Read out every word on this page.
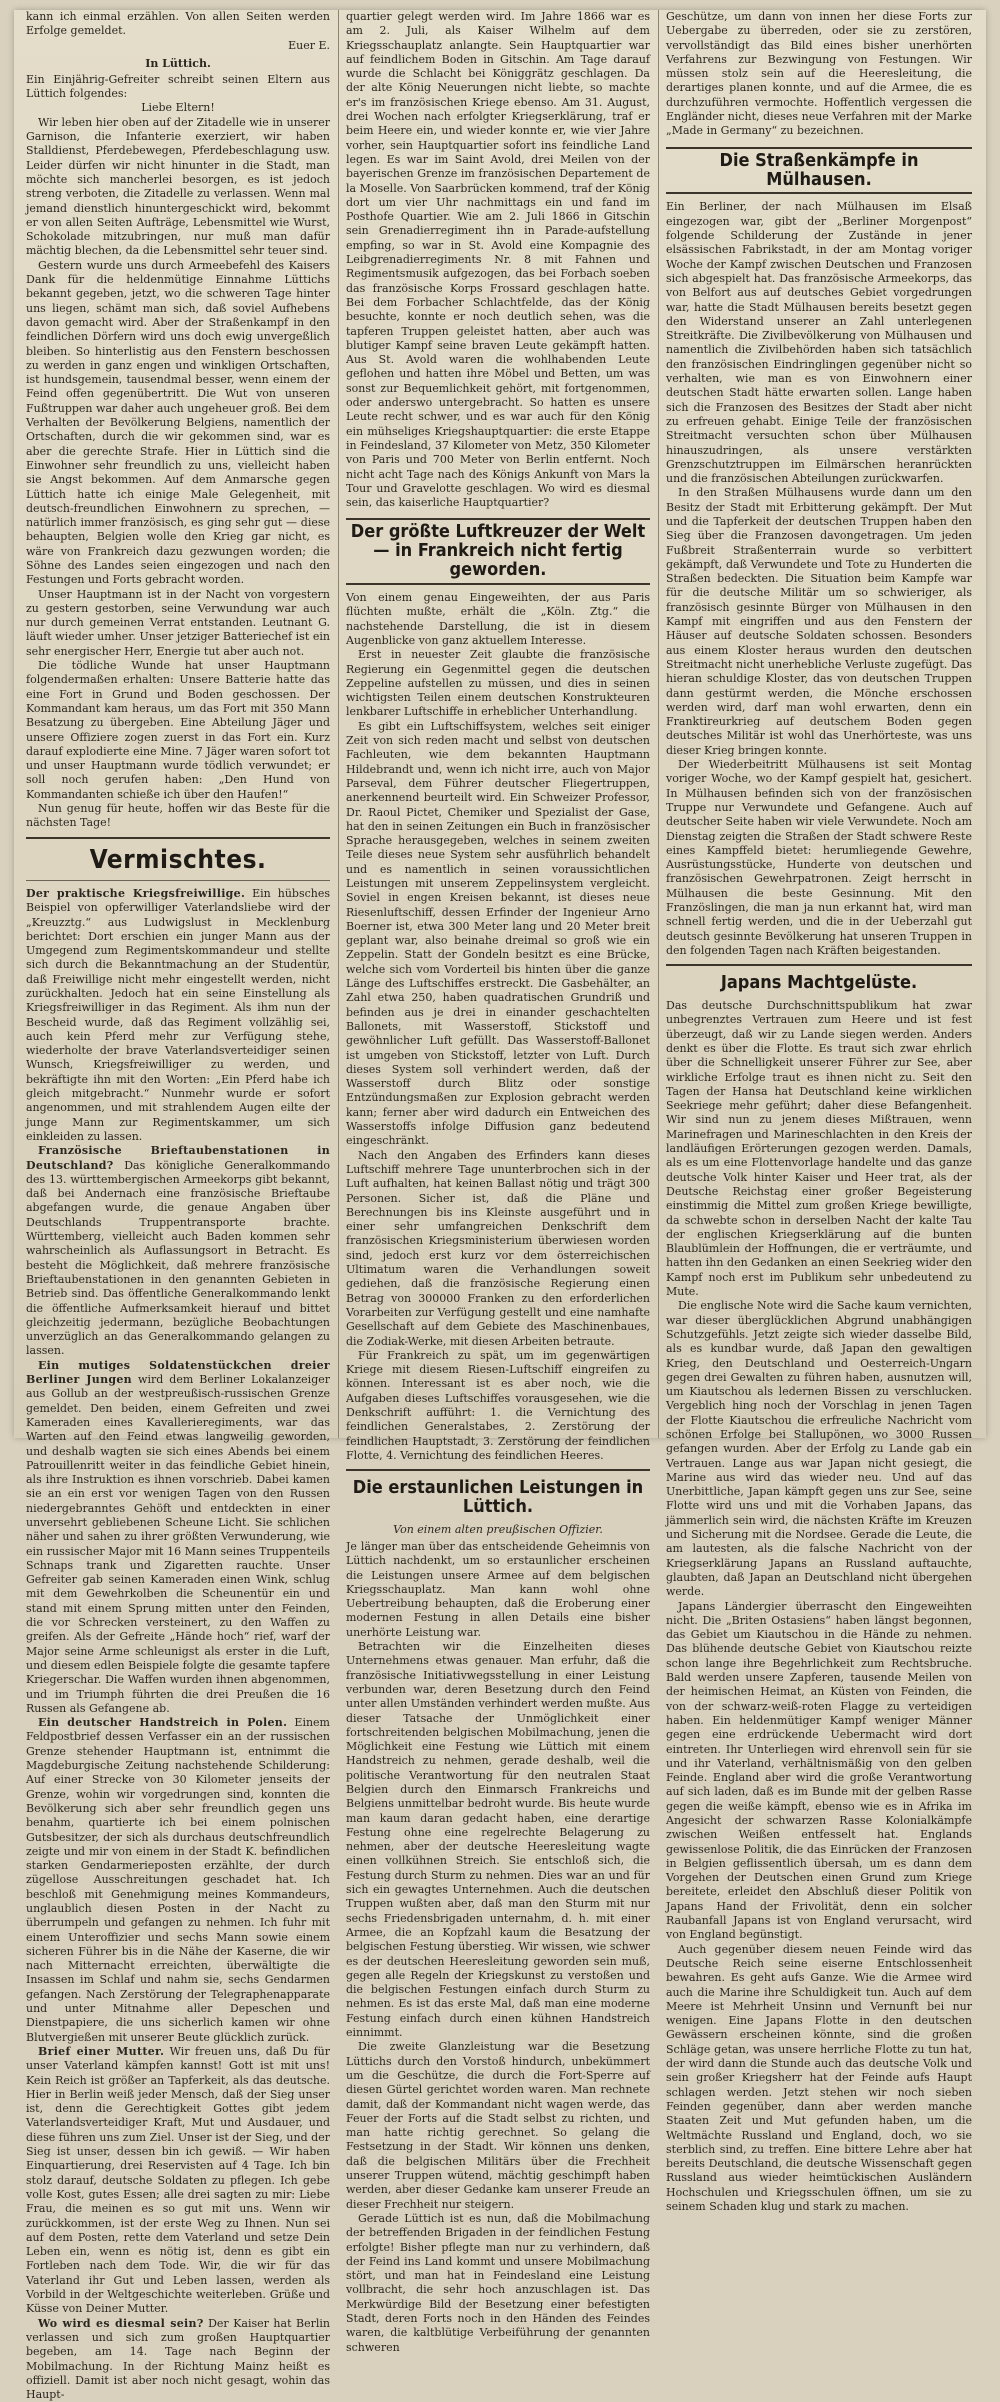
kann ich einmal erzählen. Von allen Seiten werden Erfolge gemeldet.

Euer E.

In Lüttich.

Ein Einjährig-Gefreiter schreibt seinen Eltern aus Lüttich folgendes:

Liebe Eltern!

Wir leben hier oben auf der Zitadelle wie in unserer Garnison, die Infanterie exerziert, wir haben Stalldienst, Pferdebewegen, Pferdebeschlagung usw. Leider dürfen wir nicht hinunter in die Stadt, man möchte sich mancherlei besorgen, es ist jedoch streng verboten, die Zitadelle zu verlassen. Wenn mal jemand dienstlich hinuntergeschickt wird, bekommt er von allen Seiten Aufträge, Lebensmittel wie Wurst, Schokolade mitzubringen, nur muß man dafür mächtig blechen, da die Lebensmittel sehr teuer sind.

Gestern wurde uns durch Armeebefehl des Kaisers Dank für die heldenmütige Einnahme Lüttichs bekannt gegeben, jetzt, wo die schweren Tage hinter uns liegen, schämt man sich, daß soviel Aufhebens davon gemacht wird. Aber der Straßenkampf in den feindlichen Dörfern wird uns doch ewig unvergeßlich bleiben. So hinterlistig aus den Fenstern beschossen zu werden in ganz engen und winkligen Ortschaften, ist hundsgemein, tausendmal besser, wenn einem der Feind offen gegenübertritt. Die Wut von unseren Fußtruppen war daher auch ungeheuer groß. Bei dem Verhalten der Bevölkerung Belgiens, namentlich der Ortschaften, durch die wir gekommen sind, war es aber die gerechte Strafe. Hier in Lüttich sind die Einwohner sehr freundlich zu uns, vielleicht haben sie Angst bekommen. Auf dem Anmarsche gegen Lüttich hatte ich einige Male Gelegenheit, mit deutsch-freundlichen Einwohnern zu sprechen, — natürlich immer französisch, es ging sehr gut — diese behaupten, Belgien wolle den Krieg gar nicht, es wäre von Frankreich dazu gezwungen worden; die Söhne des Landes seien eingezogen und nach den Festungen und Forts gebracht worden.

Unser Hauptmann ist in der Nacht von vorgestern zu gestern gestorben, seine Verwundung war auch nur durch gemeinen Verrat entstanden. Leutnant G. läuft wieder umher. Unser jetziger Batteriechef ist ein sehr energischer Herr, Energie tut aber auch not.

Die tödliche Wunde hat unser Hauptmann folgendermaßen erhalten: Unsere Batterie hatte das eine Fort in Grund und Boden geschossen. Der Kommandant kam heraus, um das Fort mit 350 Mann Besatzung zu übergeben. Eine Abteilung Jäger und unsere Offiziere zogen zuerst in das Fort ein. Kurz darauf explodierte eine Mine. 7 Jäger waren sofort tot und unser Hauptmann wurde tödlich verwundet; er soll noch gerufen haben: „Den Hund von Kommandanten schieße ich über den Haufen!“

Nun genug für heute, hoffen wir das Beste für die nächsten Tage!

Vermischtes.

Der praktische Kriegsfreiwillige. Ein hübsches Beispiel von opferwilliger Vaterlandsliebe wird der „Kreuzztg.“ aus Ludwigslust in Mecklenburg berichtet: Dort erschien ein junger Mann aus der Umgegend zum Regimentskommandeur und stellte sich durch die Bekanntmachung an der Studentür, daß Freiwillige nicht mehr eingestellt werden, nicht zurückhalten. Jedoch hat ein seine Einstellung als Kriegsfreiwilliger in das Regiment. Als ihm nun der Bescheid wurde, daß das Regiment vollzählig sei, auch kein Pferd mehr zur Verfügung stehe, wiederholte der brave Vaterlandsverteidiger seinen Wunsch, Kriegsfreiwilliger zu werden, und bekräftigte ihn mit den Worten: „Ein Pferd habe ich gleich mitgebracht.“ Nunmehr wurde er sofort angenommen, und mit strahlendem Augen eilte der junge Mann zur Regimentskammer, um sich einkleiden zu lassen.

Französische Brieftaubenstationen in Deutschland? Das königliche Generalkommando des 13. württembergischen Armeekorps gibt bekannt, daß bei Andernach eine französische Brieftaube abgefangen wurde, die genaue Angaben über Deutschlands Truppentransporte brachte. Württemberg, vielleicht auch Baden kommen sehr wahrscheinlich als Auflassungsort in Betracht. Es besteht die Möglichkeit, daß mehrere französische Brieftaubenstationen in den genannten Gebieten in Betrieb sind. Das öffentliche Generalkommando lenkt die öffentliche Aufmerksamkeit hierauf und bittet gleichzeitig jedermann, bezügliche Beobachtungen unverzüglich an das Generalkommando gelangen zu lassen.

Ein mutiges Soldatenstückchen dreier Berliner Jungen wird dem Berliner Lokalanzeiger aus Gollub an der westpreußisch-russischen Grenze gemeldet. Den beiden, einem Gefreiten und zwei Kameraden eines Kavallerieregiments, war das Warten auf den Feind etwas langweilig geworden, und deshalb wagten sie sich eines Abends bei einem Patrouillenritt weiter in das feindliche Gebiet hinein, als ihre Instruktion es ihnen vorschrieb. Dabei kamen sie an ein erst vor wenigen Tagen von den Russen niedergebranntes Gehöft und entdeckten in einer unversehrt gebliebenen Scheune Licht. Sie schlichen näher und sahen zu ihrer größten Verwunderung, wie ein russischer Major mit 16 Mann seines Truppenteils Schnaps trank und Zigaretten rauchte. Unser Gefreiter gab seinen Kameraden einen Wink, schlug mit dem Gewehrkolben die Scheunentür ein und stand mit einem Sprung mitten unter den Feinden, die vor Schrecken versteinert, zu den Waffen zu greifen. Als der Gefreite „Hände hoch“ rief, warf der Major seine Arme schleunigst als erster in die Luft, und diesem edlen Beispiele folgte die gesamte tapfere Kriegerschar. Die Waffen wurden ihnen abgenommen, und im Triumph führten die drei Preußen die 16 Russen als Gefangene ab.

Ein deutscher Handstreich in Polen. Einem Feldpostbrief dessen Verfasser ein an der russischen Grenze stehender Hauptmann ist, entnimmt die Magdeburgische Zeitung nachstehende Schilderung: Auf einer Strecke von 30 Kilometer jenseits der Grenze, wohin wir vorgedrungen sind, konnten die Bevölkerung sich aber sehr freundlich gegen uns benahm, quartierte ich bei einem polnischen Gutsbesitzer, der sich als durchaus deutschfreundlich zeigte und mir von einem in der Stadt K. befindlichen starken Gendarmerieposten erzählte, der durch zügellose Ausschreitungen geschadet hat. Ich beschloß mit Genehmigung meines Kommandeurs, unglaublich diesen Posten in der Nacht zu überrumpeln und gefangen zu nehmen. Ich fuhr mit einem Unteroffizier und sechs Mann sowie einem sicheren Führer bis in die Nähe der Kaserne, die wir nach Mitternacht erreichten, überwältigte die Insassen im Schlaf und nahm sie, sechs Gendarmen gefangen. Nach Zerstörung der Telegraphenapparate und unter Mitnahme aller Depeschen und Dienstpapiere, die uns sicherlich kamen wir ohne Blutvergießen mit unserer Beute glücklich zurück.

Brief einer Mutter. Wir freuen uns, daß Du für unser Vaterland kämpfen kannst! Gott ist mit uns! Kein Reich ist größer an Tapferkeit, als das deutsche. Hier in Berlin weiß jeder Mensch, daß der Sieg unser ist, denn die Gerechtigkeit Gottes gibt jedem Vaterlandsverteidiger Kraft, Mut und Ausdauer, und diese führen uns zum Ziel. Unser ist der Sieg, und der Sieg ist unser, dessen bin ich gewiß. — Wir haben Einquartierung, drei Reservisten auf 4 Tage. Ich bin stolz darauf, deutsche Soldaten zu pflegen. Ich gebe volle Kost, gutes Essen; alle drei sagten zu mir: Liebe Frau, die meinen es so gut mit uns. Wenn wir zurückkommen, ist der erste Weg zu Ihnen. Nun sei auf dem Posten, rette dem Vaterland und setze Dein Leben ein, wenn es nötig ist, denn es gibt ein Fortleben nach dem Tode. Wir, die wir für das Vaterland ihr Gut und Leben lassen, werden als Vorbild in der Weltgeschichte weiterleben. Grüße und Küsse von Deiner Mutter.

Wo wird es diesmal sein? Der Kaiser hat Berlin verlassen und sich zum großen Hauptquartier begeben, am 14. Tage nach Beginn der Mobilmachung. In der Richtung Mainz heißt es offiziell. Damit ist aber noch nicht gesagt, wohin das Haupt-

quartier gelegt werden wird. Im Jahre 1866 war es am 2. Juli, als Kaiser Wilhelm auf dem Kriegsschauplatz anlangte. Sein Hauptquartier war auf feindlichem Boden in Gitschin. Am Tage darauf wurde die Schlacht bei Königgrätz geschlagen. Da der alte König Neuerungen nicht liebte, so machte er's im französischen Kriege ebenso. Am 31. August, drei Wochen nach erfolgter Kriegserklärung, traf er beim Heere ein, und wieder konnte er, wie vier Jahre vorher, sein Hauptquartier sofort ins feindliche Land legen. Es war im Saint Avold, drei Meilen von der bayerischen Grenze im französischen Departement de la Moselle. Von Saarbrücken kommend, traf der König dort um vier Uhr nachmittags ein und fand im Posthofe Quartier. Wie am 2. Juli 1866 in Gitschin sein Grenadierregiment ihn in Parade-aufstellung empfing, so war in St. Avold eine Kompagnie des Leibgrenadierregiments Nr. 8 mit Fahnen und Regimentsmusik aufgezogen, das bei Forbach soeben das französische Korps Frossard geschlagen hatte. Bei dem Forbacher Schlachtfelde, das der König besuchte, konnte er noch deutlich sehen, was die tapferen Truppen geleistet hatten, aber auch was blutiger Kampf seine braven Leute gekämpft hatten. Aus St. Avold waren die wohlhabenden Leute geflohen und hatten ihre Möbel und Betten, um was sonst zur Bequemlichkeit gehört, mit fortgenommen, oder anderswo untergebracht. So hatten es unsere Leute recht schwer, und es war auch für den König ein mühseliges Kriegshauptquartier: die erste Etappe in Feindesland, 37 Kilometer von Metz, 350 Kilometer von Paris und 700 Meter von Berlin entfernt. Noch nicht acht Tage nach des Königs Ankunft von Mars la Tour und Gravelotte geschlagen. Wo wird es diesmal sein, das kaiserliche Hauptquartier?

Der größte Luftkreuzer der Welt — in Frankreich nicht fertig geworden.

Von einem genau Eingeweihten, der aus Paris flüchten mußte, erhält die „Köln. Ztg.“ die nachstehende Darstellung, die ist in diesem Augenblicke von ganz aktuellem Interesse.

Erst in neuester Zeit glaubte die französische Regierung ein Gegenmittel gegen die deutschen Zeppeline aufstellen zu müssen, und dies in seinen wichtigsten Teilen einem deutschen Konstrukteuren lenkbarer Luftschiffe in erheblicher Unterhandlung.

Es gibt ein Luftschiffsystem, welches seit einiger Zeit von sich reden macht und selbst von deutschen Fachleuten, wie dem bekannten Hauptmann Hildebrandt und, wenn ich nicht irre, auch von Major Parseval, dem Führer deutscher Fliegertruppen, anerkennend beurteilt wird. Ein Schweizer Professor, Dr. Raoul Pictet, Chemiker und Spezialist der Gase, hat den in seinen Zeitungen ein Buch in französischer Sprache herausgegeben, welches in seinem zweiten Teile dieses neue System sehr ausführlich behandelt und es namentlich in seinen voraussichtlichen Leistungen mit unserem Zeppelinsystem vergleicht. Soviel in engen Kreisen bekannt, ist dieses neue Riesenluftschiff, dessen Erfinder der Ingenieur Arno Boerner ist, etwa 300 Meter lang und 20 Meter breit geplant war, also beinahe dreimal so groß wie ein Zeppelin. Statt der Gondeln besitzt es eine Brücke, welche sich vom Vorderteil bis hinten über die ganze Länge des Luftschiffes erstreckt. Die Gasbehälter, an Zahl etwa 250, haben quadratischen Grundriß und befinden aus je drei in einander geschachtelten Ballonets, mit Wasserstoff, Stickstoff und gewöhnlicher Luft gefüllt. Das Wasserstoff-Ballonet ist umgeben von Stickstoff, letzter von Luft. Durch dieses System soll verhindert werden, daß der Wasserstoff durch Blitz oder sonstige Entzündungsmaßen zur Explosion gebracht werden kann; ferner aber wird dadurch ein Entweichen des Wasserstoffs infolge Diffusion ganz bedeutend eingeschränkt.

Nach den Angaben des Erfinders kann dieses Luftschiff mehrere Tage ununterbrochen sich in der Luft aufhalten, hat keinen Ballast nötig und trägt 300 Personen. Sicher ist, daß die Pläne und Berechnungen bis ins Kleinste ausgeführt und in einer sehr umfangreichen Denkschrift dem französischen Kriegsministerium überwiesen worden sind, jedoch erst kurz vor dem österreichischen Ultimatum waren die Verhandlungen soweit gediehen, daß die französische Regierung einen Betrag von 300000 Franken zu den erforderlichen Vorarbeiten zur Verfügung gestellt und eine namhafte Gesellschaft auf dem Gebiete des Maschinenbaues, die Zodiak-Werke, mit diesen Arbeiten betraute.

Für Frankreich zu spät, um im gegenwärtigen Kriege mit diesem Riesen-Luftschiff eingreifen zu können. Interessant ist es aber noch, wie die Aufgaben dieses Luftschiffes vorausgesehen, wie die Denkschrift aufführt: 1. die Vernichtung des feindlichen Generalstabes, 2. Zerstörung der feindlichen Hauptstadt, 3. Zerstörung der feindlichen Flotte, 4. Vernichtung des feindlichen Heeres.

Die erstaunlichen Leistungen in Lüttich.
Von einem alten preußischen Offizier.

Je länger man über das entscheidende Geheimnis von Lüttich nachdenkt, um so erstaunlicher erscheinen die Leistungen unsere Armee auf dem belgischen Kriegsschauplatz. Man kann wohl ohne Uebertreibung behaupten, daß die Eroberung einer modernen Festung in allen Details eine bisher unerhörte Leistung war.

Betrachten wir die Einzelheiten dieses Unternehmens etwas genauer. Man erfuhr, daß die französische Initiativwegsstellung in einer Leistung verbunden war, deren Besetzung durch den Feind unter allen Umständen verhindert werden mußte. Aus dieser Tatsache der Unmöglichkeit einer fortschreitenden belgischen Mobilmachung, jenen die Möglichkeit eine Festung wie Lüttich mit einem Handstreich zu nehmen, gerade deshalb, weil die politische Verantwortung für den neutralen Staat Belgien durch den Einmarsch Frankreichs und Belgiens unmittelbar bedroht wurde. Bis heute wurde man kaum daran gedacht haben, eine derartige Festung ohne eine regelrechte Belagerung zu nehmen, aber der deutsche Heeresleitung wagte einen vollkühnen Streich. Sie entschloß sich, die Festung durch Sturm zu nehmen. Dies war an und für sich ein gewagtes Unternehmen. Auch die deutschen Truppen wußten aber, daß man den Sturm mit nur sechs Friedensbrigaden unternahm, d. h. mit einer Armee, die an Kopfzahl kaum die Besatzung der belgischen Festung überstieg. Wir wissen, wie schwer es der deutschen Heeresleitung geworden sein muß, gegen alle Regeln der Kriegskunst zu verstoßen und die belgischen Festungen einfach durch Sturm zu nehmen. Es ist das erste Mal, daß man eine moderne Festung einfach durch einen kühnen Handstreich einnimmt.

Die zweite Glanzleistung war die Besetzung Lüttichs durch den Vorstoß hindurch, unbekümmert um die Geschütze, die durch die Fort-Sperre auf diesen Gürtel gerichtet worden waren. Man rechnete damit, daß der Kommandant nicht wagen werde, das Feuer der Forts auf die Stadt selbst zu richten, und man hatte richtig gerechnet. So gelang die Festsetzung in der Stadt. Wir können uns denken, daß die belgischen Militärs über die Frechheit unserer Truppen wütend, mächtig geschimpft haben werden, aber dieser Gedanke kam unserer Freude an dieser Frechheit nur steigern.

Gerade Lüttich ist es nun, daß die Mobilmachung der betreffenden Brigaden in der feindlichen Festung erfolgte! Bisher pflegte man nur zu verhindern, daß der Feind ins Land kommt und unsere Mobilmachung stört, und man hat in Feindesland eine Leistung vollbracht, die sehr hoch anzuschlagen ist. Das Merkwürdige Bild der Besetzung einer befestigten Stadt, deren Forts noch in den Händen des Feindes waren, die kaltblütige Verbeiführung der genannten schweren

Geschütze, um dann von innen her diese Forts zur Uebergabe zu überreden, oder sie zu zerstören, vervollständigt das Bild eines bisher unerhörten Verfahrens zur Bezwingung von Festungen. Wir müssen stolz sein auf die Heeresleitung, die derartiges planen konnte, und auf die Armee, die es durchzuführen vermochte. Hoffentlich vergessen die Engländer nicht, dieses neue Verfahren mit der Marke „Made in Germany“ zu bezeichnen.

Die Straßenkämpfe in Mülhausen.

Ein Berliner, der nach Mülhausen im Elsaß eingezogen war, gibt der „Berliner Morgenpost“ folgende Schilderung der Zustände in jener elsässischen Fabrikstadt, in der am Montag voriger Woche der Kampf zwischen Deutschen und Franzosen sich abgespielt hat. Das französische Armeekorps, das von Belfort aus auf deutsches Gebiet vorgedrungen war, hatte die Stadt Mülhausen bereits besetzt gegen den Widerstand unserer an Zahl unterlegenen Streitkräfte. Die Zivilbevölkerung von Mülhausen und namentlich die Zivilbehörden haben sich tatsächlich den französischen Eindringlingen gegenüber nicht so verhalten, wie man es von Einwohnern einer deutschen Stadt hätte erwarten sollen. Lange haben sich die Franzosen des Besitzes der Stadt aber nicht zu erfreuen gehabt. Einige Teile der französischen Streitmacht versuchten schon über Mülhausen hinauszudringen, als unsere verstärkten Grenzschutztruppen im Eilmärschen heranrückten und die französischen Abteilungen zurückwarfen.

In den Straßen Mülhausens wurde dann um den Besitz der Stadt mit Erbitterung gekämpft. Der Mut und die Tapferkeit der deutschen Truppen haben den Sieg über die Franzosen davongetragen. Um jeden Fußbreit Straßenterrain wurde so verbittert gekämpft, daß Verwundete und Tote zu Hunderten die Straßen bedeckten. Die Situation beim Kampfe war für die deutsche Militär um so schwieriger, als französisch gesinnte Bürger von Mülhausen in den Kampf mit eingriffen und aus den Fenstern der Häuser auf deutsche Soldaten schossen. Besonders aus einem Kloster heraus wurden den deutschen Streitmacht nicht unerhebliche Verluste zugefügt. Das hieran schuldige Kloster, das von deutschen Truppen dann gestürmt werden, die Mönche erschossen werden wird, darf man wohl erwarten, denn ein Franktireurkrieg auf deutschem Boden gegen deutsches Militär ist wohl das Unerhörteste, was uns dieser Krieg bringen konnte.

Der Wiederbeitritt Mülhausens ist seit Montag voriger Woche, wo der Kampf gespielt hat, gesichert. In Mülhausen befinden sich von der französischen Truppe nur Verwundete und Gefangene. Auch auf deutscher Seite haben wir viele Verwundete. Noch am Dienstag zeigten die Straßen der Stadt schwere Reste eines Kampffeld bietet: herumliegende Gewehre, Ausrüstungsstücke, Hunderte von deutschen und französischen Gewehrpatronen. Zeigt herrscht in Mülhausen die beste Gesinnung. Mit den Französlingen, die man ja nun erkannt hat, wird man schnell fertig werden, und die in der Ueberzahl gut deutsch gesinnte Bevölkerung hat unseren Truppen in den folgenden Tagen nach Kräften beigestanden.

Japans Machtgelüste.

Das deutsche Durchschnittspublikum hat zwar unbegrenztes Vertrauen zum Heere und ist fest überzeugt, daß wir zu Lande siegen werden. Anders denkt es über die Flotte. Es traut sich zwar ehrlich über die Schnelligkeit unserer Führer zur See, aber wirkliche Erfolge traut es ihnen nicht zu. Seit den Tagen der Hansa hat Deutschland keine wirklichen Seekriege mehr geführt; daher diese Befangenheit. Wir sind nun zu jenem dieses Mißtrauen, wenn Marinefragen und Marineschlachten in den Kreis der landläufigen Erörterungen gezogen werden. Damals, als es um eine Flottenvorlage handelte und das ganze deutsche Volk hinter Kaiser und Heer trat, als der Deutsche Reichstag einer großer Begeisterung einstimmig die Mittel zum großen Kriege bewilligte, da schwebte schon in derselben Nacht der kalte Tau der englischen Kriegserklärung auf die bunten Blaublümlein der Hoffnungen, die er verträumte, und hatten ihn den Gedanken an einen Seekrieg wider den Kampf noch erst im Publikum sehr unbedeutend zu Mute.

Die englische Note wird die Sache kaum vernichten, war dieser überglücklichen Abgrund unabhängigen Schutzgefühls. Jetzt zeigte sich wieder dasselbe Bild, als es kundbar wurde, daß Japan den gewaltigen Krieg, den Deutschland und Oesterreich-Ungarn gegen drei Gewalten zu führen haben, ausnutzen will, um Kiautschou als ledernen Bissen zu verschlucken. Vergeblich hing noch der Vorschlag in jenen Tagen der Flotte Kiautschou die erfreuliche Nachricht vom schönen Erfolge bei Stallupönen, wo 3000 Russen gefangen wurden. Aber der Erfolg zu Lande gab ein Vertrauen. Lange aus war Japan nicht gesiegt, die Marine aus wird das wieder neu. Und auf das Unerbittliche, Japan kämpft gegen uns zur See, seine Flotte wird uns und mit die Vorhaben Japans, das jämmerlich sein wird, die nächsten Kräfte im Kreuzen und Sicherung mit die Nordsee. Gerade die Leute, die am lautesten, als die falsche Nachricht von der Kriegserklärung Japans an Russland auftauchte, glaubten, daß Japan an Deutschland nicht übergehen werde.

Japans Ländergier überrascht den Eingeweihten nicht. Die „Briten Ostasiens“ haben längst begonnen, das Gebiet um Kiautschou in die Hände zu nehmen. Das blühende deutsche Gebiet von Kiautschou reizte schon lange ihre Begehrlichkeit zum Rechtsbruche. Bald werden unsere Zapferen, tausende Meilen von der heimischen Heimat, an Küsten von Feinden, die von der schwarz-weiß-roten Flagge zu verteidigen haben. Ein heldenmütiger Kampf weniger Männer gegen eine erdrückende Uebermacht wird dort eintreten. Ihr Unterliegen wird ehrenvoll sein für sie und ihr Vaterland, verhältnismäßig von den gelben Feinde. England aber wird die große Verantwortung auf sich laden, daß es im Bunde mit der gelben Rasse gegen die weiße kämpft, ebenso wie es in Afrika im Angesicht der schwarzen Rasse Kolonialkämpfe zwischen Weißen entfesselt hat. Englands gewissenlose Politik, die das Einrücken der Franzosen in Belgien geflissentlich übersah, um es dann dem Vorgehen der Deutschen einen Grund zum Kriege bereitete, erleidet den Abschluß dieser Politik von Japans Hand der Frivolität, denn ein solcher Raubanfall Japans ist von England verursacht, wird von England begünstigt.

Auch gegenüber diesem neuen Feinde wird das Deutsche Reich seine eiserne Entschlossenheit bewahren. Es geht aufs Ganze. Wie die Armee wird auch die Marine ihre Schuldigkeit tun. Auch auf dem Meere ist Mehrheit Unsinn und Vernunft bei nur wenigen. Eine Japans Flotte in den deutschen Gewässern erscheinen könnte, sind die großen Schläge getan, was unsere herrliche Flotte zu tun hat, der wird dann die Stunde auch das deutsche Volk und sein großer Kriegsherr hat der Feinde aufs Haupt schlagen werden. Jetzt stehen wir noch sieben Feinden gegenüber, dann aber werden manche Staaten Zeit und Mut gefunden haben, um die Weltmächte Russland und England, doch, wo sie sterblich sind, zu treffen. Eine bittere Lehre aber hat bereits Deutschland, die deutsche Wissenschaft gegen Russland aus wieder heimtückischen Ausländern Hochschulen und Kriegsschulen öffnen, um sie zu seinem Schaden klug und stark zu machen.
